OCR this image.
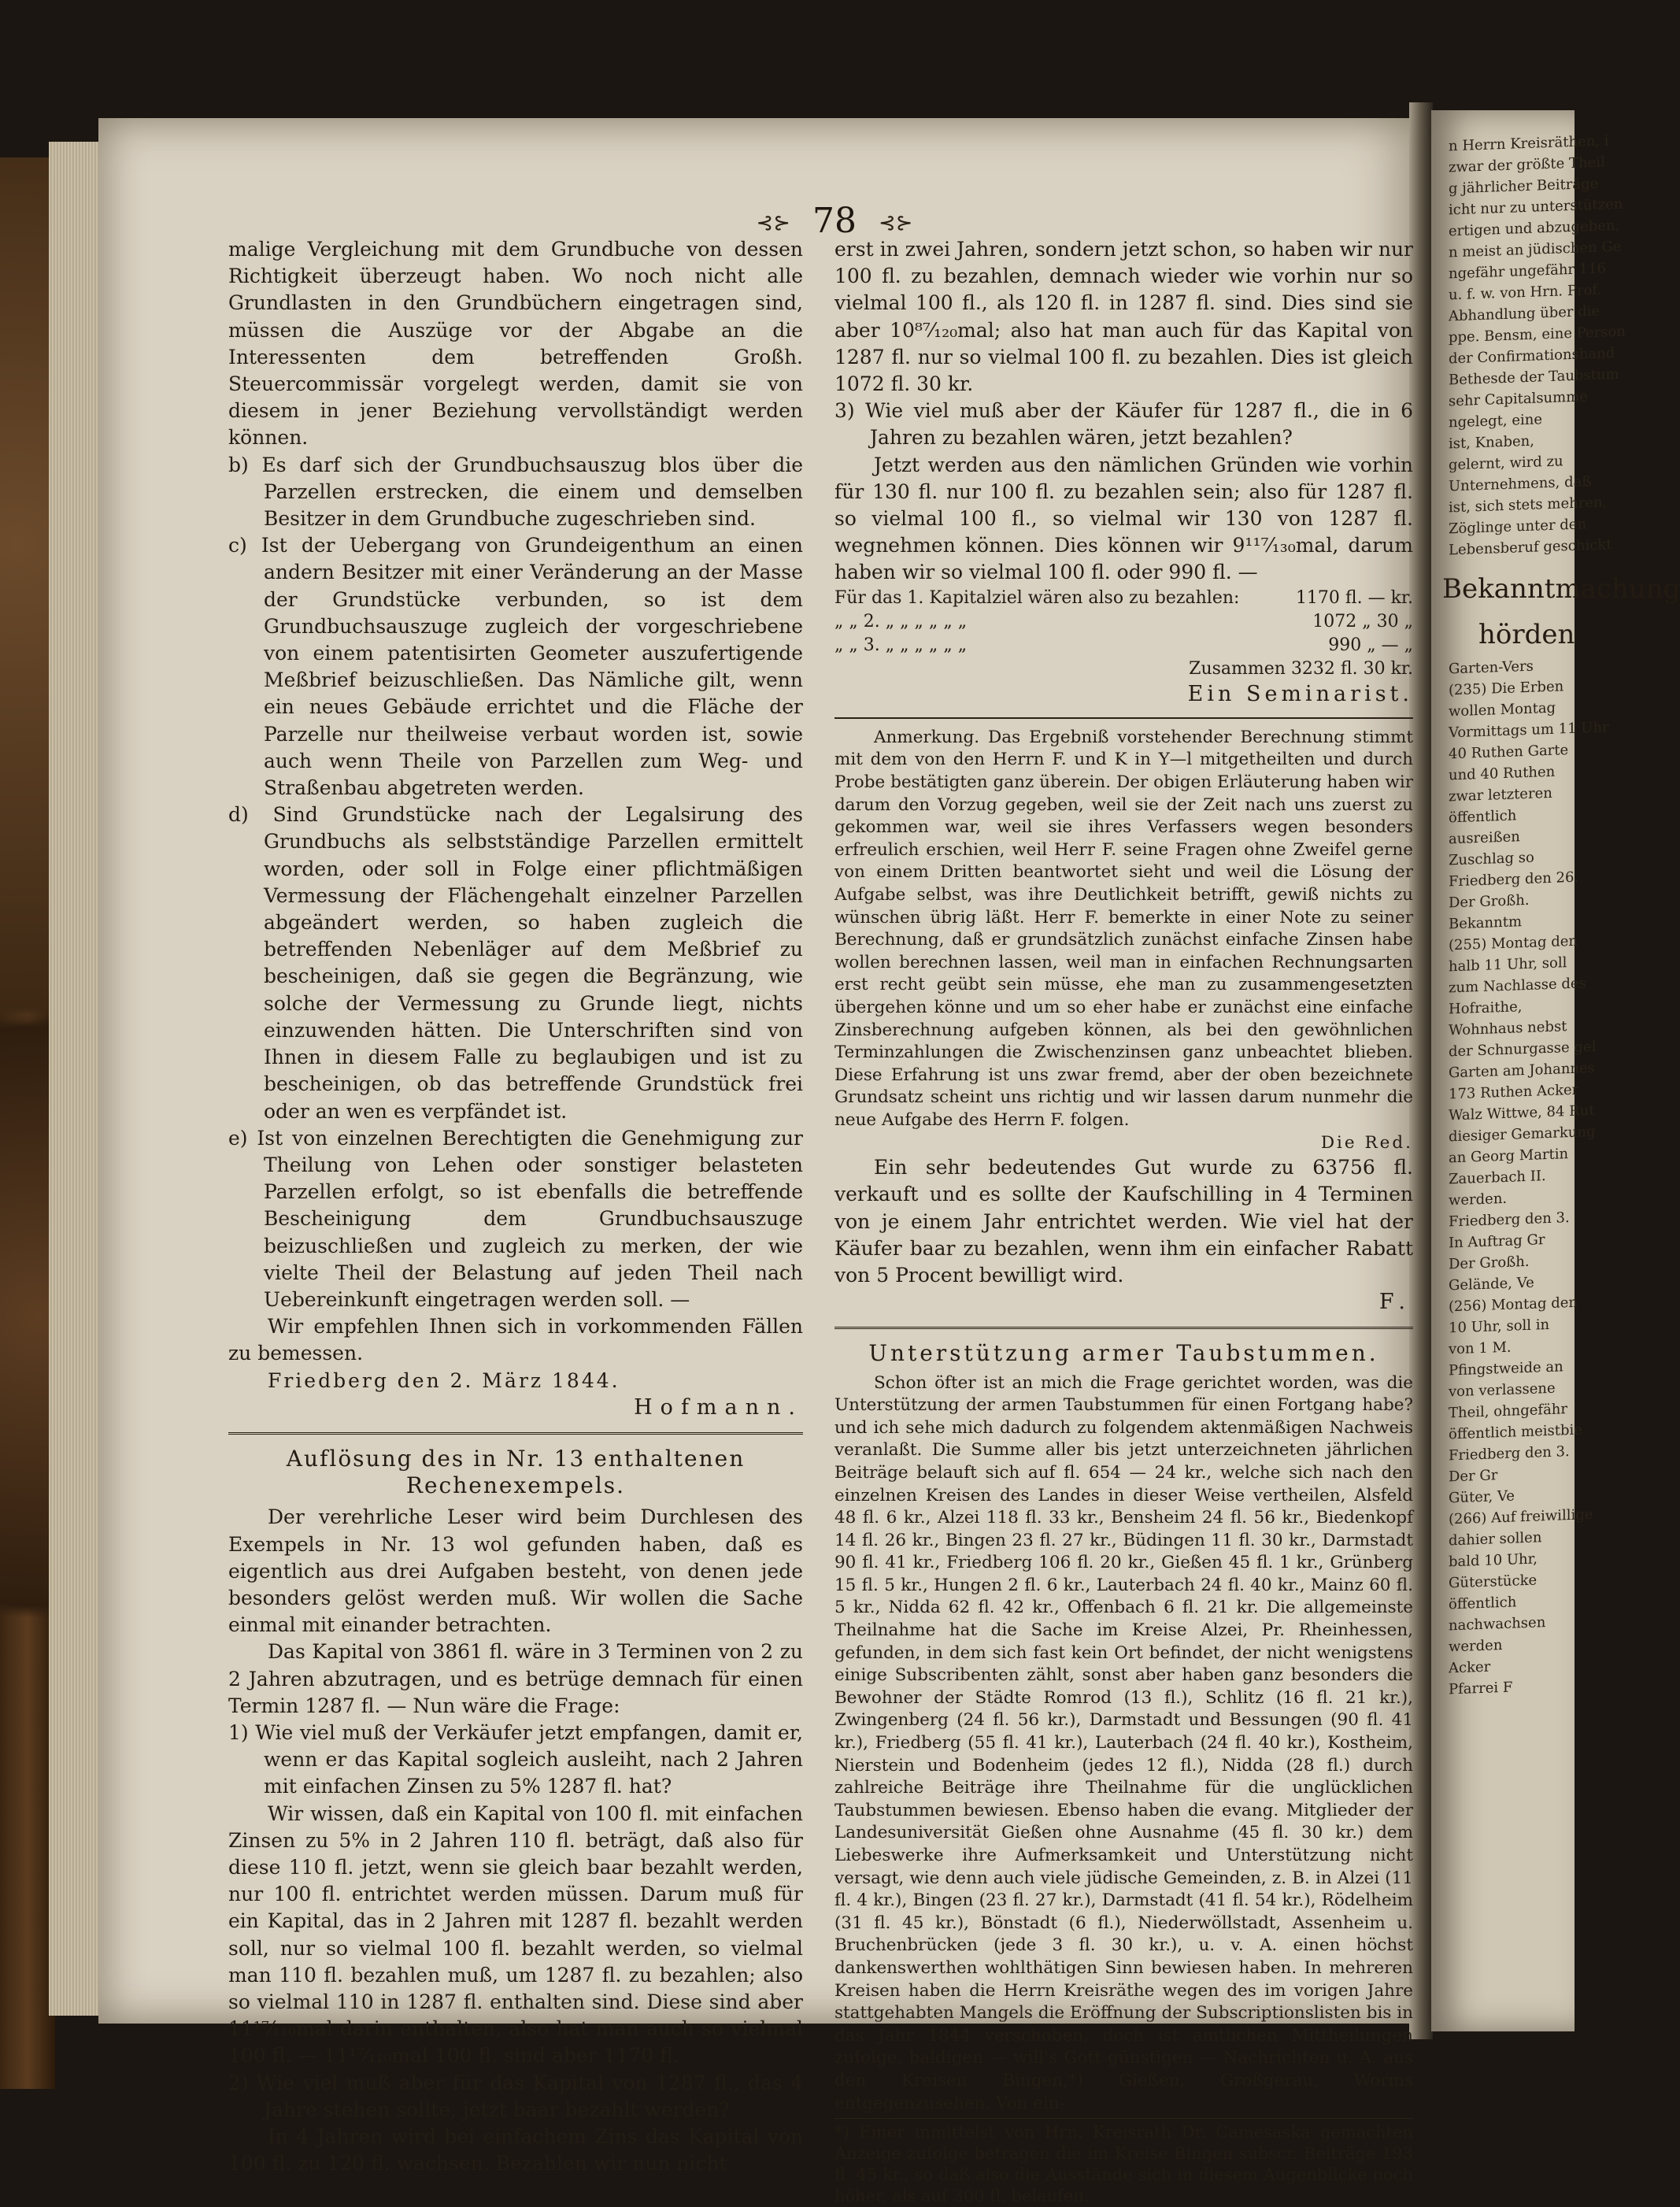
⊰⊱ 78 ⊰⊱

malige Vergleichung mit dem Grundbuche von dessen Richtigkeit überzeugt haben. Wo noch nicht alle Grundlasten in den Grundbüchern eingetragen sind, müssen die Auszüge vor der Abgabe an die Interessenten dem betreffenden Großh. Steuercommissär vorgelegt werden, damit sie von diesem in jener Beziehung vervollständigt werden können.

b) Es darf sich der Grundbuchsauszug blos über die Parzellen erstrecken, die einem und demselben Besitzer in dem Grundbuche zugeschrieben sind.

c) Ist der Uebergang von Grundeigenthum an einen andern Besitzer mit einer Veränderung an der Masse der Grundstücke verbunden, so ist dem Grundbuchsauszuge zugleich der vorgeschriebene von einem patentisirten Geometer auszufertigende Meßbrief beizuschließen. Das Nämliche gilt, wenn ein neues Gebäude errichtet und die Fläche der Parzelle nur theilweise verbaut worden ist, sowie auch wenn Theile von Parzellen zum Weg- und Straßenbau abgetreten werden.

d) Sind Grundstücke nach der Legalsirung des Grundbuchs als selbstständige Parzellen ermittelt worden, oder soll in Folge einer pflichtmäßigen Vermessung der Flächengehalt einzelner Parzellen abgeändert werden, so haben zugleich die betreffenden Nebenläger auf dem Meßbrief zu bescheinigen, daß sie gegen die Begränzung, wie solche der Vermessung zu Grunde liegt, nichts einzuwenden hätten. Die Unterschriften sind von Ihnen in diesem Falle zu beglaubigen und ist zu bescheinigen, ob das betreffende Grundstück frei oder an wen es verpfändet ist.

e) Ist von einzelnen Berechtigten die Genehmigung zur Theilung von Lehen oder sonstiger belasteten Parzellen erfolgt, so ist ebenfalls die betreffende Bescheinigung dem Grundbuchsauszuge beizuschließen und zugleich zu merken, der wie vielte Theil der Belastung auf jeden Theil nach Uebereinkunft eingetragen werden soll. —

Wir empfehlen Ihnen sich in vorkommenden Fällen zu bemessen.

Friedberg den 2. März 1844.

Hofmann.

Auflösung des in Nr. 13 enthaltenen Rechenexempels.

Der verehrliche Leser wird beim Durchlesen des Exempels in Nr. 13 wol gefunden haben, daß es eigentlich aus drei Aufgaben besteht, von denen jede besonders gelöst werden muß. Wir wollen die Sache einmal mit einander betrachten.

Das Kapital von 3861 fl. wäre in 3 Terminen von 2 zu 2 Jahren abzutragen, und es betrüge demnach für einen Termin 1287 fl. — Nun wäre die Frage:

1) Wie viel muß der Verkäufer jetzt empfangen, damit er, wenn er das Kapital sogleich ausleiht, nach 2 Jahren mit einfachen Zinsen zu 5% 1287 fl. hat?

Wir wissen, daß ein Kapital von 100 fl. mit einfachen Zinsen zu 5% in 2 Jahren 110 fl. beträgt, daß also für diese 110 fl. jetzt, wenn sie gleich baar bezahlt werden, nur 100 fl. entrichtet werden müssen. Darum muß für ein Kapital, das in 2 Jahren mit 1287 fl. bezahlt werden soll, nur so vielmal 100 fl. bezahlt werden, so vielmal man 110 fl. bezahlen muß, um 1287 fl. zu bezahlen; also so vielmal 110 in 1287 fl. enthalten sind. Diese sind aber 11¹⁷⁄₁₁₀mal darin enthalten, also hat man auch so vielmal 100 fl. — 11¹⁷⁄₁₁₀mal 100 fl. sind aber 1170 fl.

2) Wie viel muß aber für das Kapital von 1287 fl., das 4 Jahre stehen sollte, jetzt baar bezahlt werden?

In 4 Jahren wird bei einfachem Zins das Kapital von 100 fl. zu 120 fl. wachsen. Bezahlen wir nun nicht

erst in zwei Jahren, sondern jetzt schon, so haben wir nur 100 fl. zu bezahlen, demnach wieder wie vorhin nur so vielmal 100 fl., als 120 fl. in 1287 fl. sind. Dies sind sie aber 10⁸⁷⁄₁₂₀mal; also hat man auch für das Kapital von 1287 fl. nur so vielmal 100 fl. zu bezahlen. Dies ist gleich 1072 fl. 30 kr.

3) Wie viel muß aber der Käufer für 1287 fl., die in 6 Jahren zu bezahlen wären, jetzt bezahlen?

Jetzt werden aus den nämlichen Gründen wie vorhin für 130 fl. nur 100 fl. zu bezahlen sein; also für 1287 fl. so vielmal 100 fl., so vielmal wir 130 von 1287 fl. wegnehmen können. Dies können wir 9¹¹⁷⁄₁₃₀mal, darum haben wir so vielmal 100 fl. oder 990 fl. —

Für das 1. Kapitalziel wären also zu bezahlen:	1170 fl. — kr.
„ „ 2. „ „ „ „ „ „	1072 „ 30 „
„ „ 3. „ „ „ „ „ „	990 „ — „
Zusammen 3232 fl. 30 kr.

Ein Seminarist.

Anmerkung. Das Ergebniß vorstehender Berechnung stimmt mit dem von den Herrn F. und K in Y—l mitgetheilten und durch Probe bestätigten ganz überein. Der obigen Erläuterung haben wir darum den Vorzug gegeben, weil sie der Zeit nach uns zuerst zu gekommen war, weil sie ihres Verfassers wegen besonders erfreulich erschien, weil Herr F. seine Fragen ohne Zweifel gerne von einem Dritten beantwortet sieht und weil die Lösung der Aufgabe selbst, was ihre Deutlichkeit betrifft, gewiß nichts zu wünschen übrig läßt. Herr F. bemerkte in einer Note zu seiner Berechnung, daß er grundsätzlich zunächst einfache Zinsen habe wollen berechnen lassen, weil man in einfachen Rechnungsarten erst recht geübt sein müsse, ehe man zu zusammengesetzten übergehen könne und um so eher habe er zunächst eine einfache Zinsberechnung aufgeben können, als bei den gewöhnlichen Terminzahlungen die Zwischenzinsen ganz unbeachtet blieben. Diese Erfahrung ist uns zwar fremd, aber der oben bezeichnete Grundsatz scheint uns richtig und wir lassen darum nunmehr die neue Aufgabe des Herrn F. folgen.

Die Red.

Ein sehr bedeutendes Gut wurde zu 63756 fl. verkauft und es sollte der Kaufschilling in 4 Terminen von je einem Jahr entrichtet werden. Wie viel hat der Käufer baar zu bezahlen, wenn ihm ein einfacher Rabatt von 5 Procent bewilligt wird.

F.

Unterstützung armer Taubstummen.

Schon öfter ist an mich die Frage gerichtet worden, was die Unterstützung der armen Taubstummen für einen Fortgang habe? und ich sehe mich dadurch zu folgendem aktenmäßigen Nachweis veranlaßt. Die Summe aller bis jetzt unterzeichneten jährlichen Beiträge belauft sich auf fl. 654 — 24 kr., welche sich nach den einzelnen Kreisen des Landes in dieser Weise vertheilen, Alsfeld 48 fl. 6 kr., Alzei 118 fl. 33 kr., Bensheim 24 fl. 56 kr., Biedenkopf 14 fl. 26 kr., Bingen 23 fl. 27 kr., Büdingen 11 fl. 30 kr., Darmstadt 90 fl. 41 kr., Friedberg 106 fl. 20 kr., Gießen 45 fl. 1 kr., Grünberg 15 fl. 5 kr., Hungen 2 fl. 6 kr., Lauterbach 24 fl. 40 kr., Mainz 60 fl. 5 kr., Nidda 62 fl. 42 kr., Offenbach 6 fl. 21 kr. Die allgemeinste Theilnahme hat die Sache im Kreise Alzei, Pr. Rheinhessen, gefunden, in dem sich fast kein Ort befindet, der nicht wenigstens einige Subscribenten zählt, sonst aber haben ganz besonders die Bewohner der Städte Romrod (13 fl.), Schlitz (16 fl. 21 kr.), Zwingenberg (24 fl. 56 kr.), Darmstadt und Bessungen (90 fl. 41 kr.), Friedberg (55 fl. 41 kr.), Lauterbach (24 fl. 40 kr.), Kostheim, Nierstein und Bodenheim (jedes 12 fl.), Nidda (28 fl.) durch zahlreiche Beiträge ihre Theilnahme für die unglücklichen Taubstummen bewiesen. Ebenso haben die evang. Mitglieder der Landesuniversität Gießen ohne Ausnahme (45 fl. 30 kr.) dem Liebeswerke ihre Aufmerksamkeit und Unterstützung nicht versagt, wie denn auch viele jüdische Gemeinden, z. B. in Alzei (11 fl. 4 kr.), Bingen (23 fl. 27 kr.), Darmstadt (41 fl. 54 kr.), Rödelheim (31 fl. 45 kr.), Bönstadt (6 fl.), Niederwöllstadt, Assenheim u. Bruchenbrücken (jede 3 fl. 30 kr.), u. v. A. einen höchst dankenswerthen wohlthätigen Sinn bewiesen haben. In mehreren Kreisen haben die Herrn Kreisräthe wegen des im vorigen Jahre stattgehabten Mangels die Eröffnung der Subscriptionslisten bis in das Jahr 1844 verschoben, doch ist amtlichen Mittheilungen zufolge, baldigen — will's Gott günstigen — Nachrichten u. A. aus den Kreisen Bingen,*) Gießen, Großgerau, Worms entgegenzusehen. Von ein-

*) Einer inmittelst von Hrn. Kreisrath Dr. Camesaska gemachten Anzeige zufolge betragen die im Kreise Bingen subscr. Beiträge 193 fl. 45 kr., so daß also die Ausstände sich in diesem Augenblicke noch höher, als auf 300 fl. belaufen.

n Herrn Kreisräthen, i
zwar der größte Theil
g jährlicher Beiträge
icht nur zu unterstützen
ertigen und abzugeben,
n meist an jüdischen Ge
ngefähr ungefähr 116
u. f. w. von Hrn. Prof.
Abhandlung über die
ppe. Bensm, eine Person
der Confirmationshand
Bethesde der Taubstum
sehr Capitalsumme
ngelegt, eine
ist, Knaben,
gelernt, wird zu
Unternehmens, daß
ist, sich stets mehren,
Zöglinge unter den
Lebensberuf geschickt
Bekanntmachung
hörden
Garten-Vers
(235) Die Erben
wollen Montag
Vormittags um 11 Uhr
40 Ruthen Garte
und 40 Ruthen
zwar letzteren
öffentlich
ausreißen
Zuschlag so
Friedberg den 26.
Der Großh.
Bekanntm
(255) Montag den
halb 11 Uhr, soll
zum Nachlasse des
Hofraithe,
Wohnhaus nebst
der Schnurgasse gel
Garten am Johannes
173 Ruthen Acker
Walz Wittwe, 84 Rut
diesiger Gemarkung
an Georg Martin
Zauerbach II.
werden.
Friedberg den 3.
In Auftrag Gr
Der Großh.
Gelände, Ve
(256) Montag den
10 Uhr, soll in
von 1 M.
Pfingstweide an
von verlassene
Theil, ohngefähr
öffentlich meistbie
Friedberg den 3.
Der Gr
Güter, Ve
(266) Auf freiwillige
dahier sollen
bald 10 Uhr,
Güterstücke
öffentlich
nachwachsen
werden
Acker
Pfarrei F
